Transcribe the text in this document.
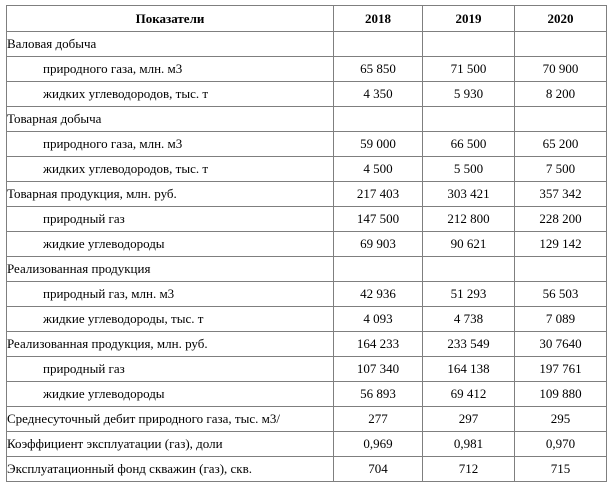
Показатели	2018	2019	2020
Валовая добыча			
природного газа, млн. м3	65 850	71 500	70 900
жидких углеводородов, тыс. т	4 350	5 930	8 200
Товарная добыча			
природного газа, млн. м3	59 000	66 500	65 200
жидких углеводородов, тыс. т	4 500	5 500	7 500
Товарная продукция, млн. руб.	217 403	303 421	357 342
природный газ	147 500	212 800	228 200
жидкие углеводороды	69 903	90 621	129 142
Реализованная продукция			
природный газ, млн. м3	42 936	51 293	56 503
жидкие углеводороды, тыс. т	4 093	4 738	7 089
Реализованная продукция, млн. руб.	164 233	233 549	30 7640
природный газ	107 340	164 138	197 761
жидкие углеводороды	56 893	69 412	109 880
Среднесуточный дебит природного газа, тыс. м3/	277	297	295
Коэффициент эксплуатации (газ), доли	0,969	0,981	0,970
Эксплуатационный фонд скважин (газ), скв.	704	712	715
